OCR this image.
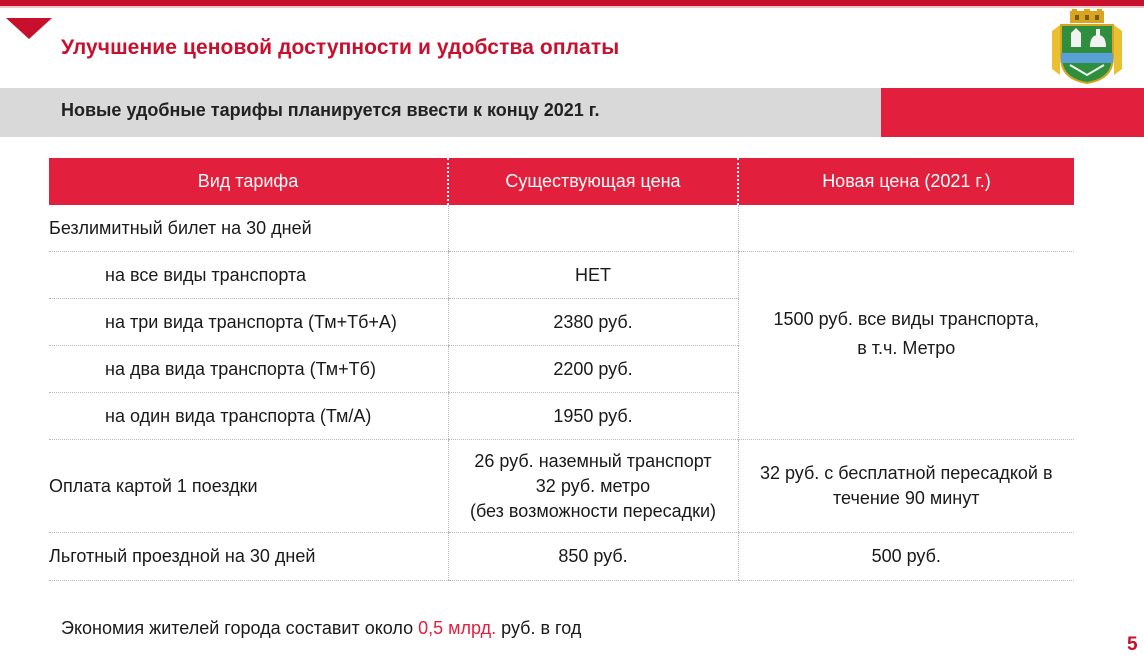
Улучшение ценовой доступности и удобства оплаты
Новые удобные тарифы планируется ввести к концу 2021 г.
Вид тарифа	Существующая цена	Новая цена (2021 г.)
Безлимитный билет на 30 дней		
на все виды транспорта	НЕТ	1500 руб. все виды транспорта,
в т.ч. Метро
на три вида транспорта (Тм+Тб+А)	2380 руб.	
на два вида транспорта (Тм+Тб)	2200 руб.	
на один вида транспорта (Тм/А)	1950 руб.	
Оплата картой 1 поездки	26 руб. наземный транспорт
32 руб. метро
(без возможности пересадки)	32 руб. с бесплатной пересадкой в
течение 90 минут
Льготный проездной на 30 дней	850 руб.	500 руб.
Экономия жителей города составит около 0,5 млрд. руб. в год
5
